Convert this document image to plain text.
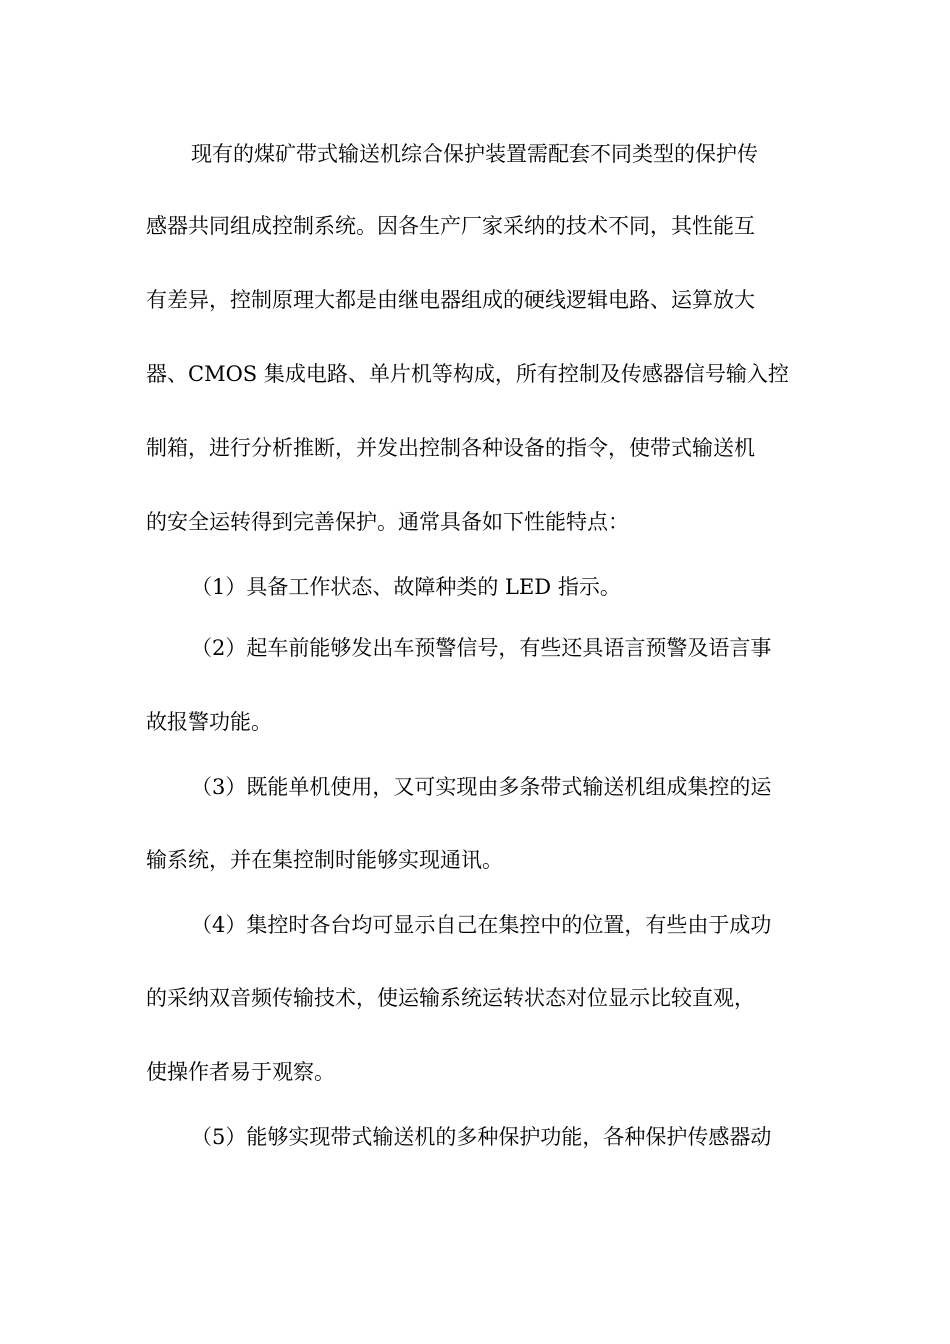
现有的煤矿带式输送机综合保护装置需配套不同类型的保护传
感器共同组成控制系统。因各生产厂家采纳的技术不同，其性能互
有差异，控制原理大都是由继电器组成的硬线逻辑电路、运算放大
器、CMOS 集成电路、单片机等构成，所有控制及传感器信号输入控
制箱，进行分析推断，并发出控制各种设备的指令，使带式输送机
的安全运转得到完善保护。通常具备如下性能特点：
（1）具备工作状态、故障种类的 LED 指示。
（2）起车前能够发出车预警信号，有些还具语言预警及语言事
故报警功能。
（3）既能单机使用，又可实现由多条带式输送机组成集控的运
输系统，并在集控制时能够实现通讯。
（4）集控时各台均可显示自己在集控中的位置，有些由于成功
的采纳双音频传输技术，使运输系统运转状态对位显示比较直观，
使操作者易于观察。
（5）能够实现带式输送机的多种保护功能，各种保护传感器动
